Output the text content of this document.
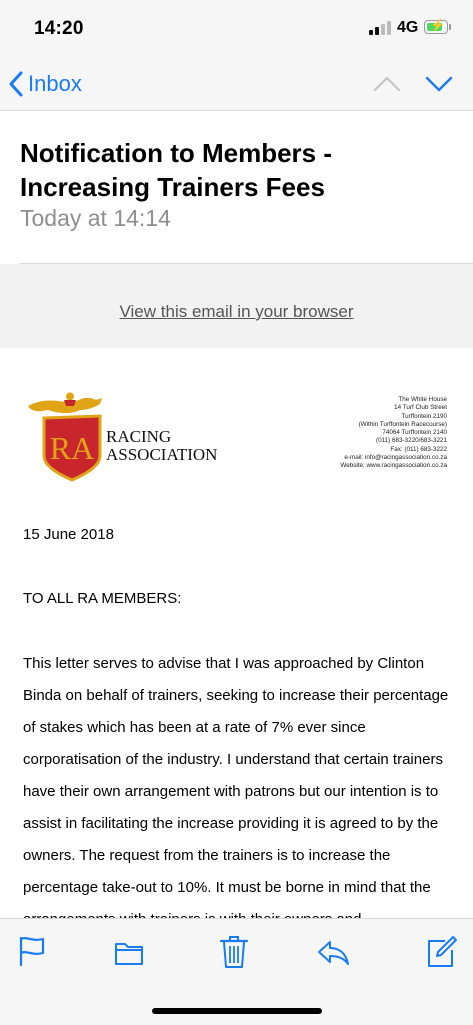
14:20	4G ⚡
Inbox
Notification to Members - Increasing Trainers Fees
Today at 14:14
View this email in your browser
RA RACING
ASSOCIATION
The White House
14 Turf Club Street
Turffontein 2190
(Within Turffontein Racecourse)
74064 Turffontein 2140
(011) 683-3220/683-3221
Fax: (011) 683-3222
e-mail: info@racingassociation.co.za
Website: www.racingassociation.co.za
15 June 2018
TO ALL RA MEMBERS:
This letter serves to advise that I was approached by Clinton Binda on behalf of trainers, seeking to increase their percentage of stakes which has been at a rate of 7% ever since corporatisation of the industry. I understand that certain trainers have their own arrangement with patrons but our intention is to assist in facilitating the increase providing it is agreed to by the owners. The request from the trainers is to increase the percentage take-out to 10%. It must be borne in mind that the
